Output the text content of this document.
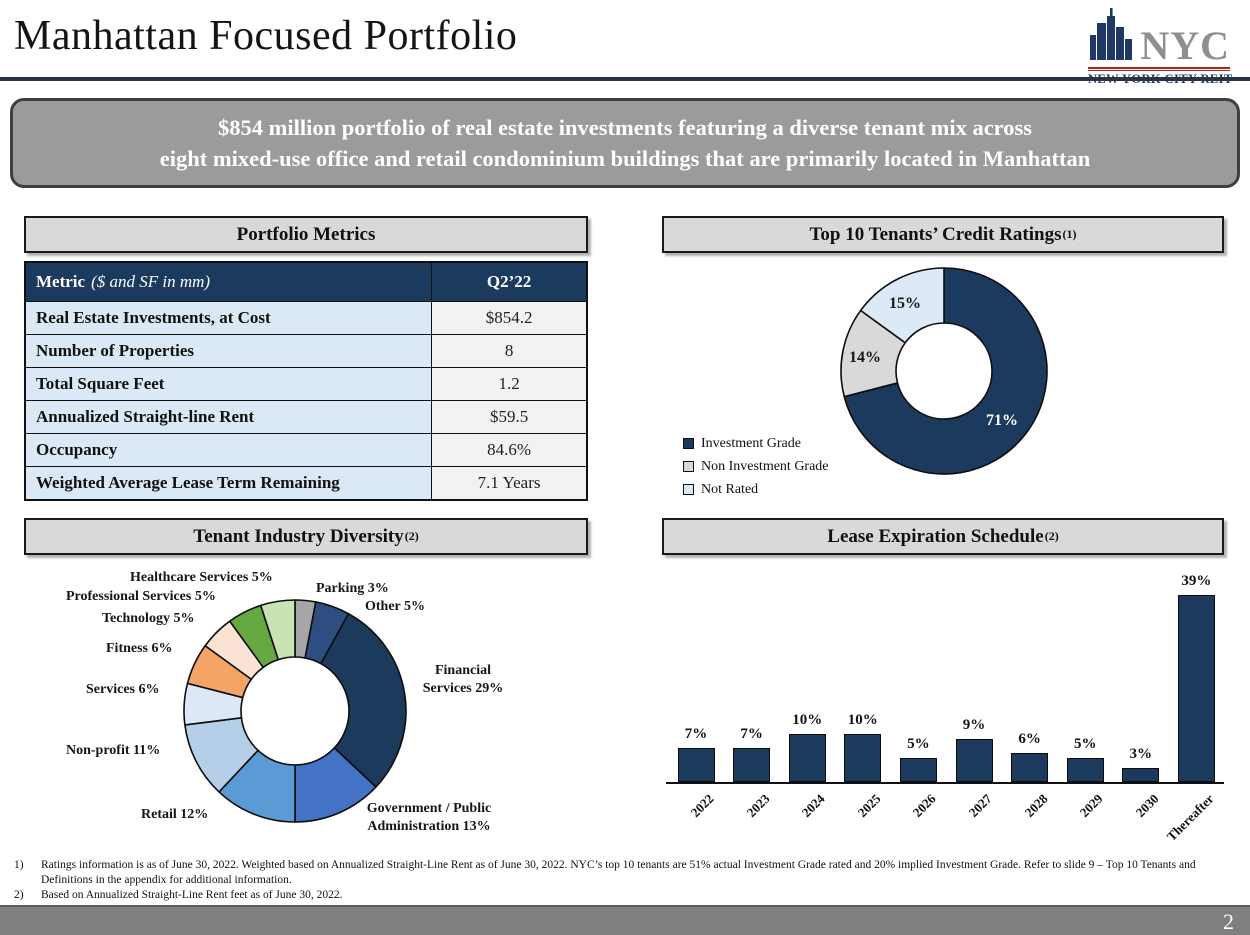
Manhattan Focused Portfolio	NYC
$854 million portfolio of real estate investments featuring a diverse tenant mix across
eight mixed-use office and retail condominium buildings that are primarily located in Manhattan
Portfolio Metrics	Top 10 Tenants’ Credit Ratings (1)
Tenant Industry Diversity (2)	Lease Expiration Schedule (2)
Metric ($ and SF in mm)	Q2’22
Real Estate Investments, at Cost	$854.2
Number of Properties	8
Total Square Feet	1.2
Annualized Straight-line Rent	$59.5
Occupancy	84.6%
Weighted Average Lease Term Remaining	7.1 Years
15%
14%
71%
Investment Grade
Non Investment Grade
Not Rated
Healthcare Services 5%
Professional Services 5%
Technology 5%
Fitness 6%
Services 6%
Non-profit 11%
Retail 12%
Parking 3%
Other 5%
Financial
Services 29%
Government / Public
Administration 13%
7%
2022
7%
2023
10%
2024
10%
2025
5%
2026
9%
2027
6%
2028
5%
2029
3%
2030
39%
Thereafter
1)	Ratings information is as of June 30, 2022. Weighted based on Annualized Straight-Line Rent as of June 30, 2022. NYC’s top 10 tenants are 51% actual Investment Grade rated and 20% implied Investment Grade. Refer to slide 9 – Top 10 Tenants and Definitions in the appendix for additional information.
2)	Based on Annualized Straight-Line Rent feet as of June 30, 2022.
2
